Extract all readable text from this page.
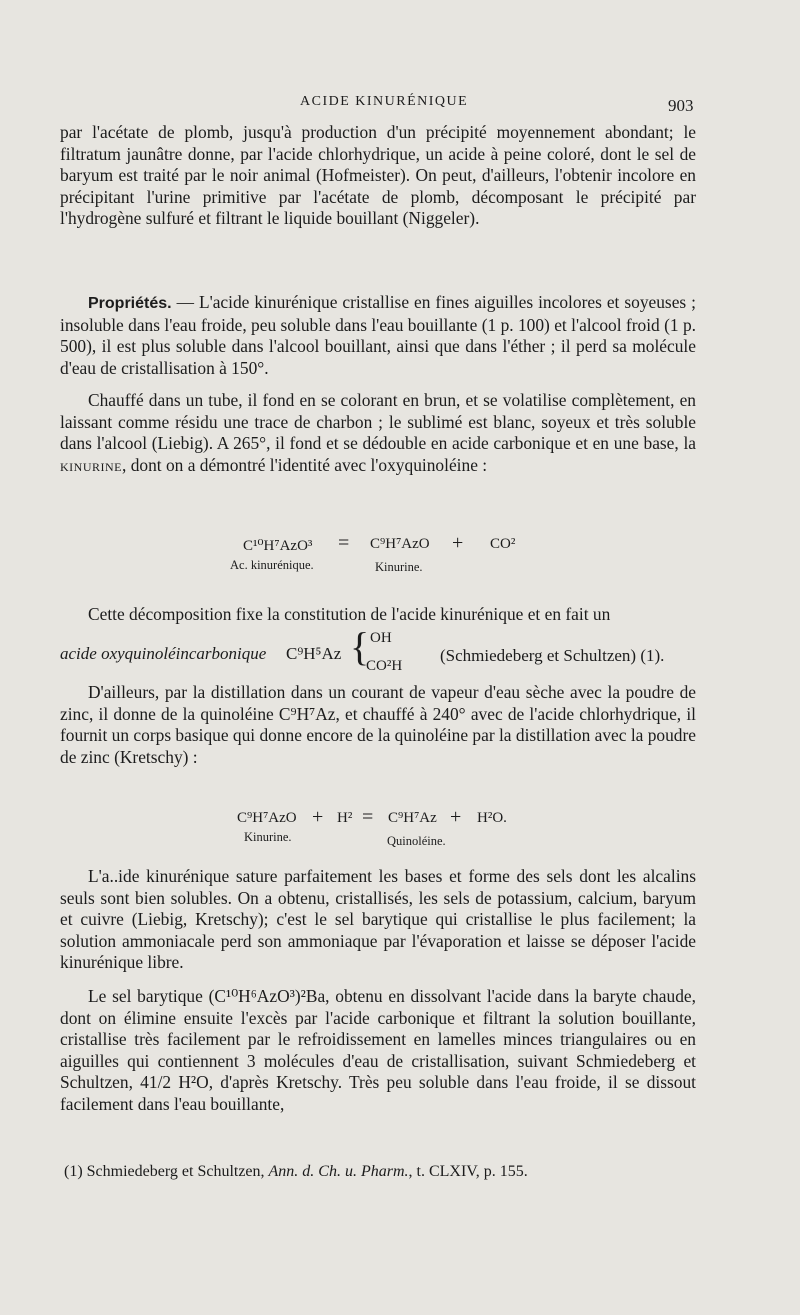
ACIDE KINURÉNIQUE	903

par l'acétate de plomb, jusqu'à production d'un précipité moyennement abondant; le filtratum jaunâtre donne, par l'acide chlorhydrique, un acide à peine coloré, dont le sel de baryum est traité par le noir animal (Hofmeister). On peut, d'ailleurs, l'obtenir incolore en précipitant l'urine primitive par l'acétate de plomb, décomposant le précipité par l'hydrogène sulfuré et filtrant le liquide bouillant (Niggeler).

Propriétés. — L'acide kinurénique cristallise en fines aiguilles incolores et soyeuses ; insoluble dans l'eau froide, peu soluble dans l'eau bouillante (1 p. 100) et l'alcool froid (1 p. 500), il est plus soluble dans l'alcool bouillant, ainsi que dans l'éther ; il perd sa molécule d'eau de cristallisation à 150°.

Chauffé dans un tube, il fond en se colorant en brun, et se volatilise complètement, en laissant comme résidu une trace de charbon ; le sublimé est blanc, soyeux et très soluble dans l'alcool (Liebig). A 265°, il fond et se dédouble en acide carbonique et en une base, la kinurine, dont on a démontré l'identité avec l'oxyquinoléine :

C¹⁰H⁷AzO³ = C⁹H⁷AzO + CO²
Ac. kinurénique.	Kinurine.

Cette décomposition fixe la constitution de l'acide kinurénique et en fait un

acide oxyquinoléincarbonique C⁹H⁵Az { OH
CO²H
(Schmiedeberg et Schultzen) (1).

D'ailleurs, par la distillation dans un courant de vapeur d'eau sèche avec la poudre de zinc, il donne de la quinoléine C⁹H⁷Az, et chauffé à 240° avec de l'acide chlorhydrique, il fournit un corps basique qui donne encore de la quinoléine par la distillation avec la poudre de zinc (Kretschy) :

C⁹H⁷AzO + H² = C⁹H⁷Az + H²O.
Kinurine.	Quinoléine.

L'a..ide kinurénique sature parfaitement les bases et forme des sels dont les alcalins seuls sont bien solubles. On a obtenu, cristallisés, les sels de potassium, calcium, baryum et cuivre (Liebig, Kretschy); c'est le sel barytique qui cristallise le plus facilement; la solution ammoniacale perd son ammoniaque par l'évaporation et laisse se déposer l'acide kinurénique libre.

Le sel barytique (C¹⁰H⁶AzO³)²Ba, obtenu en dissolvant l'acide dans la baryte chaude, dont on élimine ensuite l'excès par l'acide carbonique et filtrant la solution bouillante, cristallise très facilement par le refroidissement en lamelles minces triangulaires ou en aiguilles qui contiennent 3 molécules d'eau de cristallisation, suivant Schmiedeberg et Schultzen, 41/2 H²O, d'après Kretschy. Très peu soluble dans l'eau froide, il se dissout facilement dans l'eau bouillante,

(1) Schmiedeberg et Schultzen, Ann. d. Ch. u. Pharm., t. CLXIV, p. 155.
